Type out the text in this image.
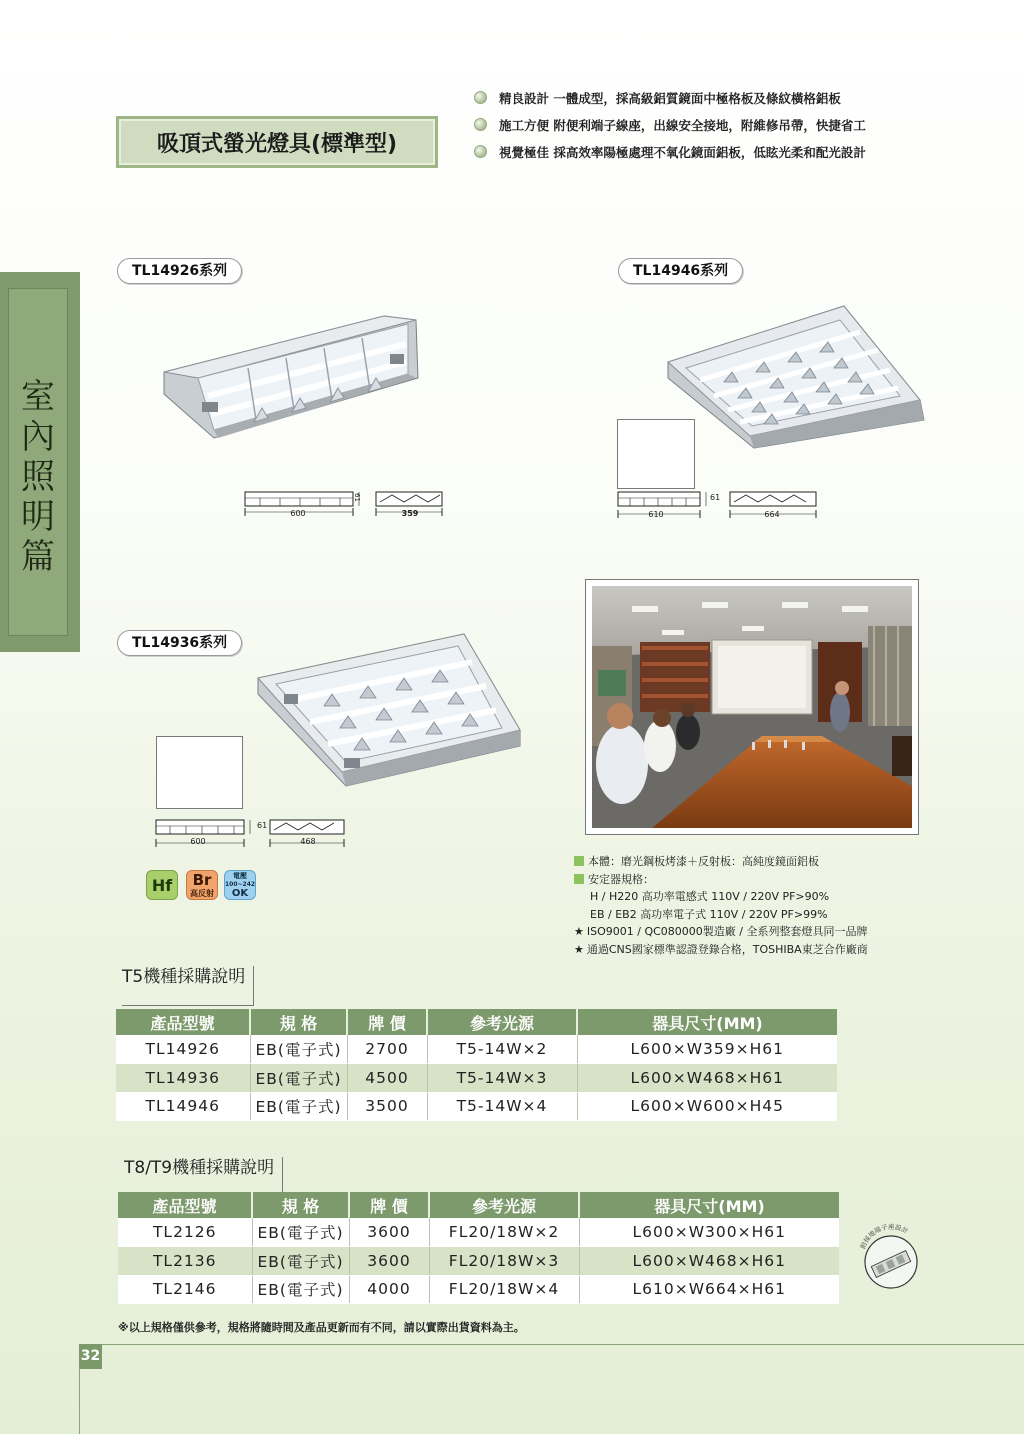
室內照明篇
吸頂式螢光燈具(標準型)
精良設計 一體成型，採高級鋁質鏡面中極格板及條紋橫格鋁板
施工方便 附便利端子線座，出線安全接地，附維修吊帶，快捷省工
視覺極佳 採高效率陽極處理不氧化鏡面鋁板，低眩光柔和配光設計
TL14926系列	TL14946系列
TL14936系列
600	359
61
610	664
61
600	468
61
Hf	Br
高反射
電壓
100~242
OK
本體：磨光鋼板烤漆＋反射板：高純度鏡面鋁板
安定器規格：
H / H220 高功率電感式 110V / 220V PF>90%
EB / EB2 高功率電子式 110V / 220V PF>99%
★ ISO9001 / QC080000製造廠 / 全系列整套燈具同一品牌
★ 通過CNS國家標準認證登錄合格，TOSHIBA東芝合作廠商
T5機種採購說明
產品型號	規 格	牌 價	參考光源	器具尺寸(MM)
TL14926	EB(電子式)	2700	T5-14W×2	L600×W359×H61
TL14936	EB(電子式)	4500	T5-14W×3	L600×W468×H61
TL14946	EB(電子式)	3500	T5-14W×4	L600×W600×H45
T8/T9機種採購說明
產品型號	規 格	牌 價	參考光源	器具尺寸(MM)
TL2126	EB(電子式)	3600	FL20/18W×2	L600×W300×H61
TL2136	EB(電子式)	3600	FL20/18W×3	L600×W468×H61
TL2146	EB(電子式)	4000	FL20/18W×4	L610×W664×H61
附接地端子座設計
※以上規格僅供參考，規格將隨時間及產品更新而有不同，請以實際出貨資料為主。
32
